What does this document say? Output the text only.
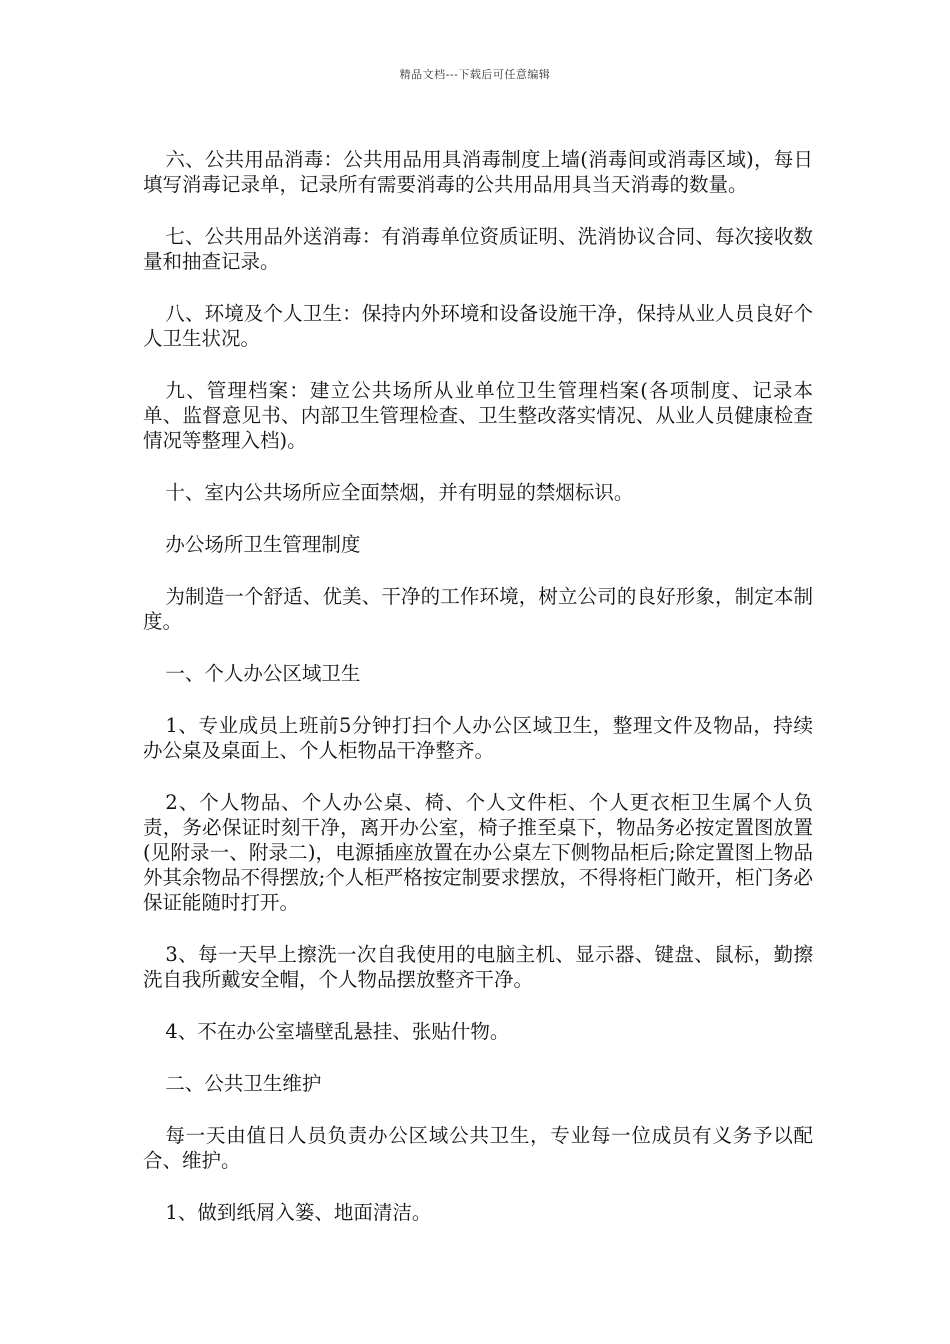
精品文档---下载后可任意编辑

六、公共用品消毒：公共用品用具消毒制度上墙(消毒间或消毒区域)，每日填写消毒记录单，记录所有需要消毒的公共用品用具当天消毒的数量。

七、公共用品外送消毒：有消毒单位资质证明、洗消协议合同、每次接收数量和抽查记录。

八、环境及个人卫生：保持内外环境和设备设施干净，保持从业人员良好个人卫生状况。

九、管理档案：建立公共场所从业单位卫生管理档案(各项制度、记录本单、监督意见书、内部卫生管理检查、卫生整改落实情况、从业人员健康检查情况等整理入档)。

十、室内公共场所应全面禁烟，并有明显的禁烟标识。

办公场所卫生管理制度

为制造一个舒适、优美、干净的工作环境，树立公司的良好形象，制定本制度。

一、个人办公区域卫生

1、专业成员上班前5分钟打扫个人办公区域卫生，整理文件及物品，持续办公桌及桌面上、个人柜物品干净整齐。

2、个人物品、个人办公桌、椅、个人文件柜、个人更衣柜卫生属个人负责，务必保证时刻干净，离开办公室，椅子推至桌下，物品务必按定置图放置(见附录一、附录二)，电源插座放置在办公桌左下侧物品柜后;除定置图上物品外其余物品不得摆放;个人柜严格按定制要求摆放，不得将柜门敞开，柜门务必保证能随时打开。

3、每一天早上擦洗一次自我使用的电脑主机、显示器、键盘、鼠标，勤擦洗自我所戴安全帽，个人物品摆放整齐干净。

4、不在办公室墙壁乱悬挂、张贴什物。

二、公共卫生维护

每一天由值日人员负责办公区域公共卫生，专业每一位成员有义务予以配合、维护。

1、做到纸屑入篓、地面清洁。
